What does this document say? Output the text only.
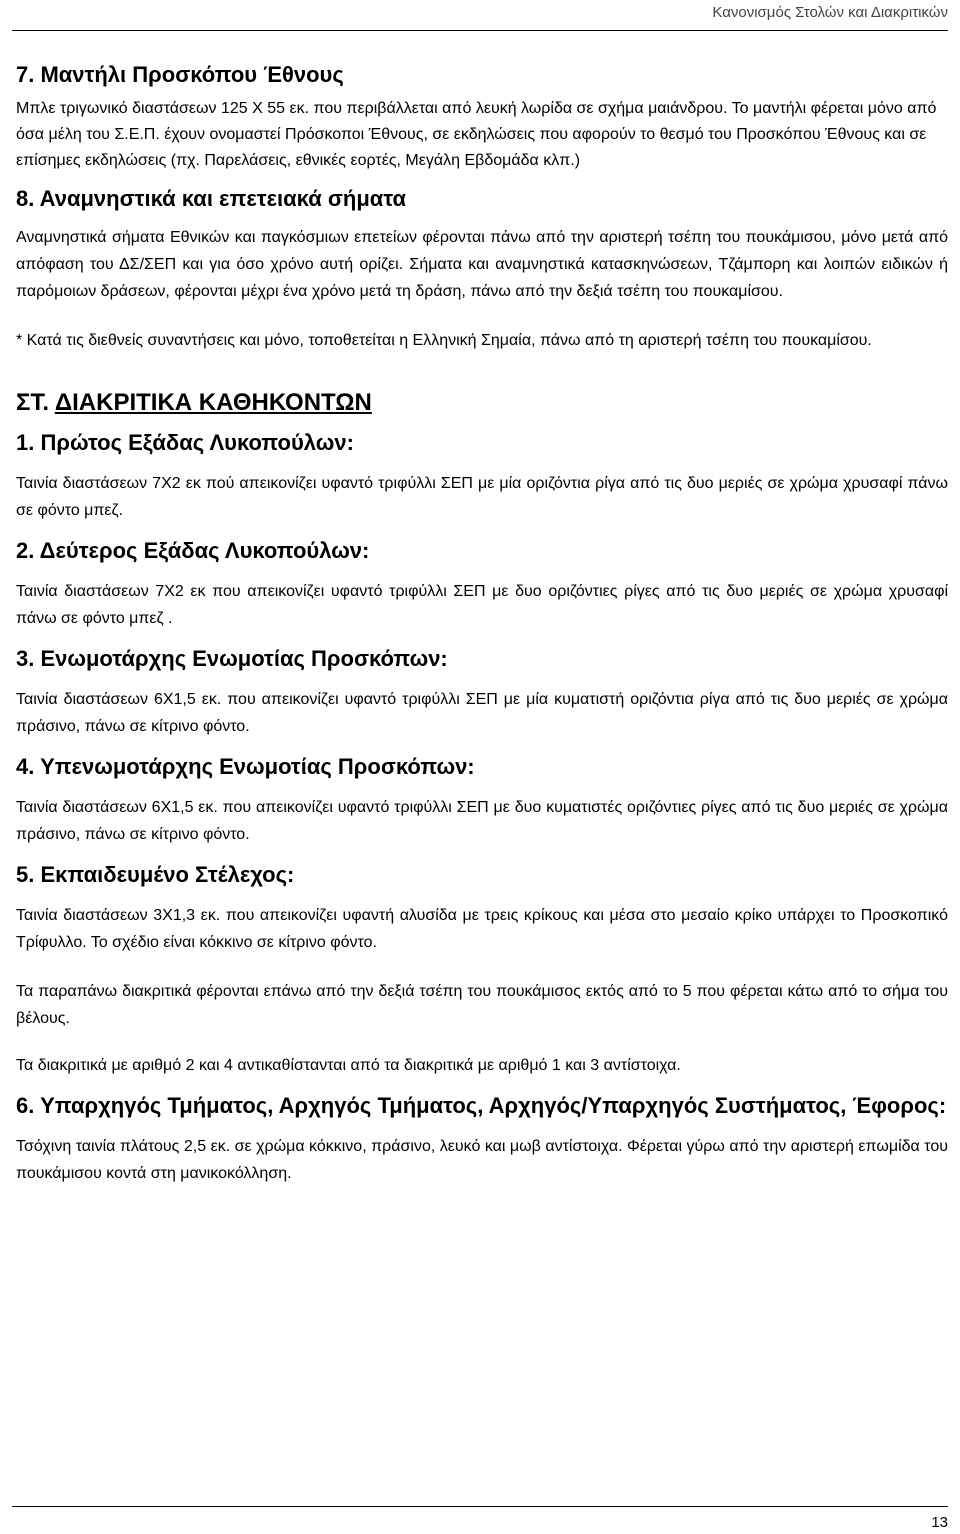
Κανονισμός Στολών και Διακριτικών
7. Μαντήλι Προσκόπου Έθνους

Μπλε τριγωνικό διαστάσεων 125 Χ 55 εκ. που περιβάλλεται από λευκή λωρίδα σε σχήμα μαιάνδρου. Το μαντήλι φέρεται μόνο από όσα μέλη του Σ.Ε.Π. έχουν ονομαστεί Πρόσκοποι Έθνους, σε εκδηλώσεις που αφορούν το θεσμό του Προσκόπου Έθνους και σε επίσημες εκδηλώσεις (πχ. Παρελάσεις, εθνικές εορτές, Μεγάλη Εβδομάδα κλπ.)

8. Αναμνηστικά και επετειακά σήματα

Αναμνηστικά σήματα Εθνικών και παγκόσμιων επετείων φέρονται πάνω από την αριστερή τσέπη του πουκάμισου, μόνο μετά από απόφαση του ΔΣ/ΣΕΠ και για όσο χρόνο αυτή ορίζει. Σήματα και αναμνηστικά κατασκηνώσεων, Τζάμπορη και λοιπών ειδικών ή παρόμοιων δράσεων, φέρονται μέχρι ένα χρόνο μετά τη δράση, πάνω από την δεξιά τσέπη του πουκαμίσου.

* Κατά τις διεθνείς συναντήσεις και μόνο, τοποθετείται η Ελληνική Σημαία, πάνω από τη αριστερή τσέπη του πουκαμίσου.

ΣΤ. ΔΙΑΚΡΙΤΙΚΑ ΚΑΘΗΚΟΝΤΩΝ

1. Πρώτος Εξάδας Λυκοπούλων:

Ταινία διαστάσεων 7Χ2 εκ πού απεικονίζει υφαντό τριφύλλι ΣΕΠ με μία οριζόντια ρίγα από τις δυο μεριές σε χρώμα χρυσαφί πάνω σε φόντο μπεζ.

2. Δεύτερος Εξάδας Λυκοπούλων:

Ταινία διαστάσεων 7Χ2 εκ που απεικονίζει υφαντό τριφύλλι ΣΕΠ με δυο οριζόντιες ρίγες από τις δυο μεριές σε χρώμα χρυσαφί πάνω σε φόντο μπεζ .

3. Ενωμοτάρχης Ενωμοτίας Προσκόπων:

Ταινία διαστάσεων 6Χ1,5 εκ. που απεικονίζει υφαντό τριφύλλι ΣΕΠ με μία κυματιστή οριζόντια ρίγα από τις δυο μεριές σε χρώμα πράσινο, πάνω σε κίτρινο φόντο.

4. Υπενωμοτάρχης Ενωμοτίας Προσκόπων:

Ταινία διαστάσεων 6Χ1,5 εκ. που απεικονίζει υφαντό τριφύλλι ΣΕΠ με δυο κυματιστές οριζόντιες ρίγες από τις δυο μεριές σε χρώμα πράσινο, πάνω σε κίτρινο φόντο.

5. Εκπαιδευμένο Στέλεχος:

Ταινία διαστάσεων 3Χ1,3 εκ. που απεικονίζει υφαντή αλυσίδα με τρεις κρίκους και μέσα στο μεσαίο κρίκο υπάρχει το Προσκοπικό Τρίφυλλο. Το σχέδιο είναι κόκκινο σε κίτρινο φόντο.

Τα παραπάνω διακριτικά φέρονται επάνω από την δεξιά τσέπη του πουκάμισος εκτός από το 5 που φέρεται κάτω από το σήμα του βέλους.

Τα διακριτικά με αριθμό 2 και 4 αντικαθίστανται από τα διακριτικά με αριθμό 1 και 3 αντίστοιχα.

6. Υπαρχηγός Τμήματος, Αρχηγός Τμήματος, Αρχηγός/Υπαρχηγός Συστήματος, Έφορος:

Τσόχινη ταινία πλάτους 2,5 εκ. σε χρώμα κόκκινο, πράσινο, λευκό και μωβ αντίστοιχα. Φέρεται γύρω από την αριστερή επωμίδα του πουκάμισου κοντά στη μανικοκόλληση.

13
